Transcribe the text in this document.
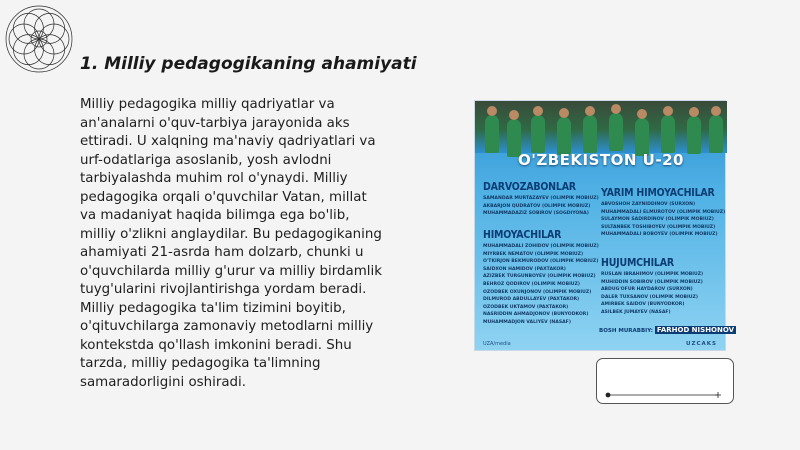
1. Milliy pedagogikaning ahamiyati
Milliy pedagogika milliy qadriyatlar va
an'analarni o'quv-tarbiya jarayonida aks
ettiradi. U xalqning ma'naviy qadriyatlari va
urf-odatlariga asoslanib, yosh avlodni
tarbiyalashda muhim rol o'ynaydi. Milliy
pedagogika orqali o'quvchilar Vatan, millat
va madaniyat haqida bilimga ega bo'lib,
milliy o'zlikni anglaydilar. Bu pedagogikaning
ahamiyati 21-asrda ham dolzarb, chunki u
o'quvchilarda milliy g'urur va milliy birdamlik
tuyg'ularini rivojlantirishga yordam beradi.
Milliy pedagogika ta'lim tizimini boyitib,
o'qituvchilarga zamonaviy metodlarni milliy
kontekstda qo'llash imkonini beradi. Shu
tarzda, milliy pedagogika ta'limning
samaradorligini oshiradi.
O'ZBEKISTON U-20
DARVOZABONLAR
SAMANDAR MURTAZAYEV (OLIMPIK MOBIUZ)
AKBARJON QUDRATOV (OLIMPIK MOBIUZ)
MUHAMMADAZIZ SOBIROV (SOGDIYONA)
HIMOYACHILAR
MUHAMMADALI ZOHIDOV (OLIMPIK MOBIUZ)
MIYRBEK NEMATOV (OLIMPIK MOBIUZ)
O'TKIRJON BEKMURODOV (OLIMPIK MOBIUZ)
SAIDXON HAMIDOV (PAXTAKOR)
AZIZBEK TURGUNBOYEV (OLIMPIK MOBIUZ)
BEHROZ QODIROV (OLIMPIK MOBIUZ)
OZODBEK OXUNJONOV (OLIMPIK MOBIUZ)
DILMUROD ABDULLAYEV (PAXTAKOR)
OZODBEK UKTAMOV (PAXTAKOR)
NASRIDDIN AHMADJONOV (BUNYODKOR)
MUHAMMADJON VALIYEV (NASAF)
YARIM HIMOYACHILAR
ABVOSHOH ZAYNIDDINOV (SURXON)
MUHAMMADALI ELMUROTOV (OLIMPIK MOBIUZ)
SULAYMON SADIRDINOV (OLIMPIK MOBIUZ)
SULTANBEK TOSHIBOYEV (OLIMPIK MOBIUZ)
MUHAMMADALI BOBOYEV (OLIMPIK MOBIUZ)
HUJUMCHILAR
RUSLAN IBRAHIMOV (OLIMPIK MOBIUZ)
MUHIDDIN SOBIROV (OLIMPIK MOBIUZ)
ABDUG'OFUR HAYDAROV (SURXON)
DALER TUXSANOV (OLIMPIK MOBIUZ)
AMIRBEK SAIDOV (BUNYODKOR)
ASILBEK JUMAYEV (NASAF)
BOSH MURABBIY: FARHOD NISHONOV
UZA/media	UZCAKS
